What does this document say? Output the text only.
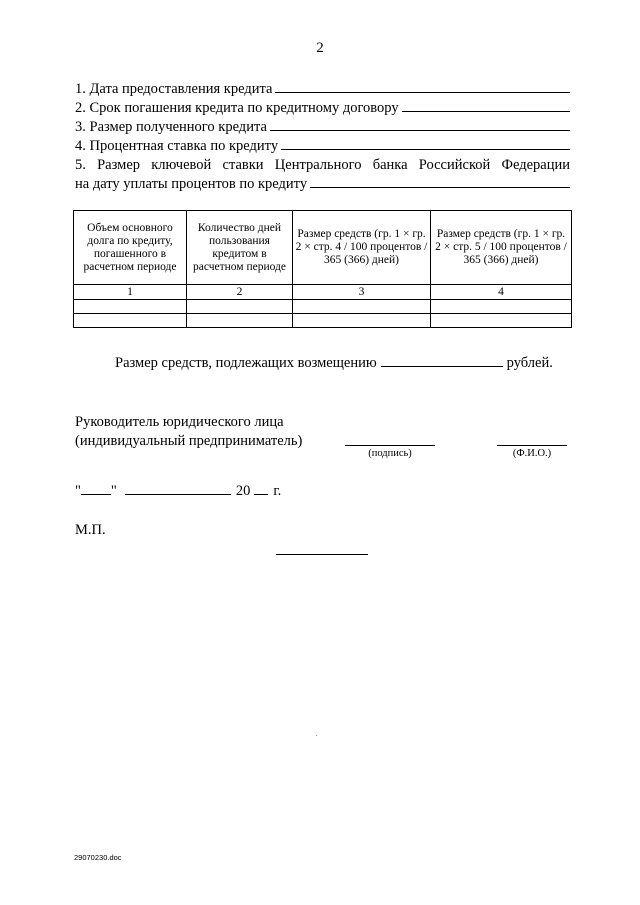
2
1. Дата предоставления кредита
2. Срок погашения кредита по кредитному договору
3. Размер полученного кредита
4. Процентная ставка по кредиту
5. Размер ключевой ставки Центрального банка Российской Федерации
на дату уплаты процентов по кредиту
Объем основного долга по кредиту, погашенного в расчетном периоде	Количество дней пользования кредитом в расчетном периоде	Размер средств (гр. 1 × гр. 2 × стр. 4 / 100 процентов / 365 (366) дней)	Размер средств (гр. 1 × гр. 2 × стр. 5 / 100 процентов / 365 (366) дней)
1	2	3	4

Размер средств, подлежащих возмещению	рублей.
Руководитель юридического лица
(индивидуальный предприниматель)
(подпись)	(Ф.И.О.)
" "	20 г.
М.П.
29070230.doc
